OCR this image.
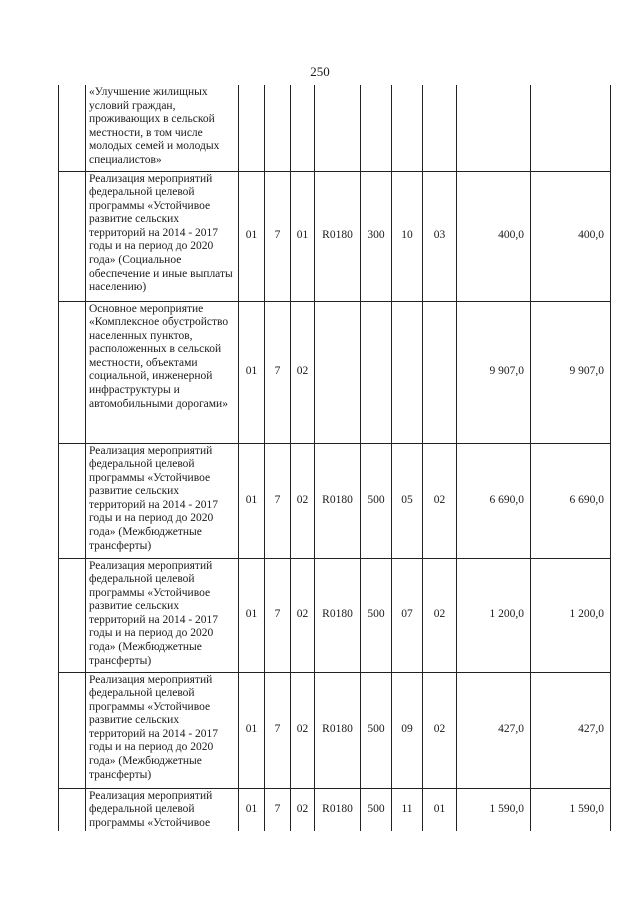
250
	«Улучшение жилищных условий граждан, проживающих в сельской местности, в том числе молодых семей и молодых специалистов»									
	Реализация мероприятий федеральной целевой программы «Устойчивое развитие сельских территорий на 2014 - 2017 годы и на период до 2020 года» (Социальное обеспечение и иные выплаты населению)	01	7	01	R0180	300	10	03	400,0	400,0
	Основное мероприятие «Комплексное обустройство населенных пунктов, расположенных в сельской местности, объектами социальной, инженерной инфраструктуры и автомобильными дорогами»	01	7	02					9 907,0	9 907,0
	Реализация мероприятий федеральной целевой программы «Устойчивое развитие сельских территорий на 2014 - 2017 годы и на период до 2020 года» (Межбюджетные трансферты)	01	7	02	R0180	500	05	02	6 690,0	6 690,0
	Реализация мероприятий федеральной целевой программы «Устойчивое развитие сельских территорий на 2014 - 2017 годы и на период до 2020 года» (Межбюджетные трансферты)	01	7	02	R0180	500	07	02	1 200,0	1 200,0
	Реализация мероприятий федеральной целевой программы «Устойчивое развитие сельских территорий на 2014 - 2017 годы и на период до 2020 года» (Межбюджетные трансферты)	01	7	02	R0180	500	09	02	427,0	427,0
	Реализация мероприятий федеральной целевой программы «Устойчивое	01	7	02	R0180	500	11	01	1 590,0	1 590,0
